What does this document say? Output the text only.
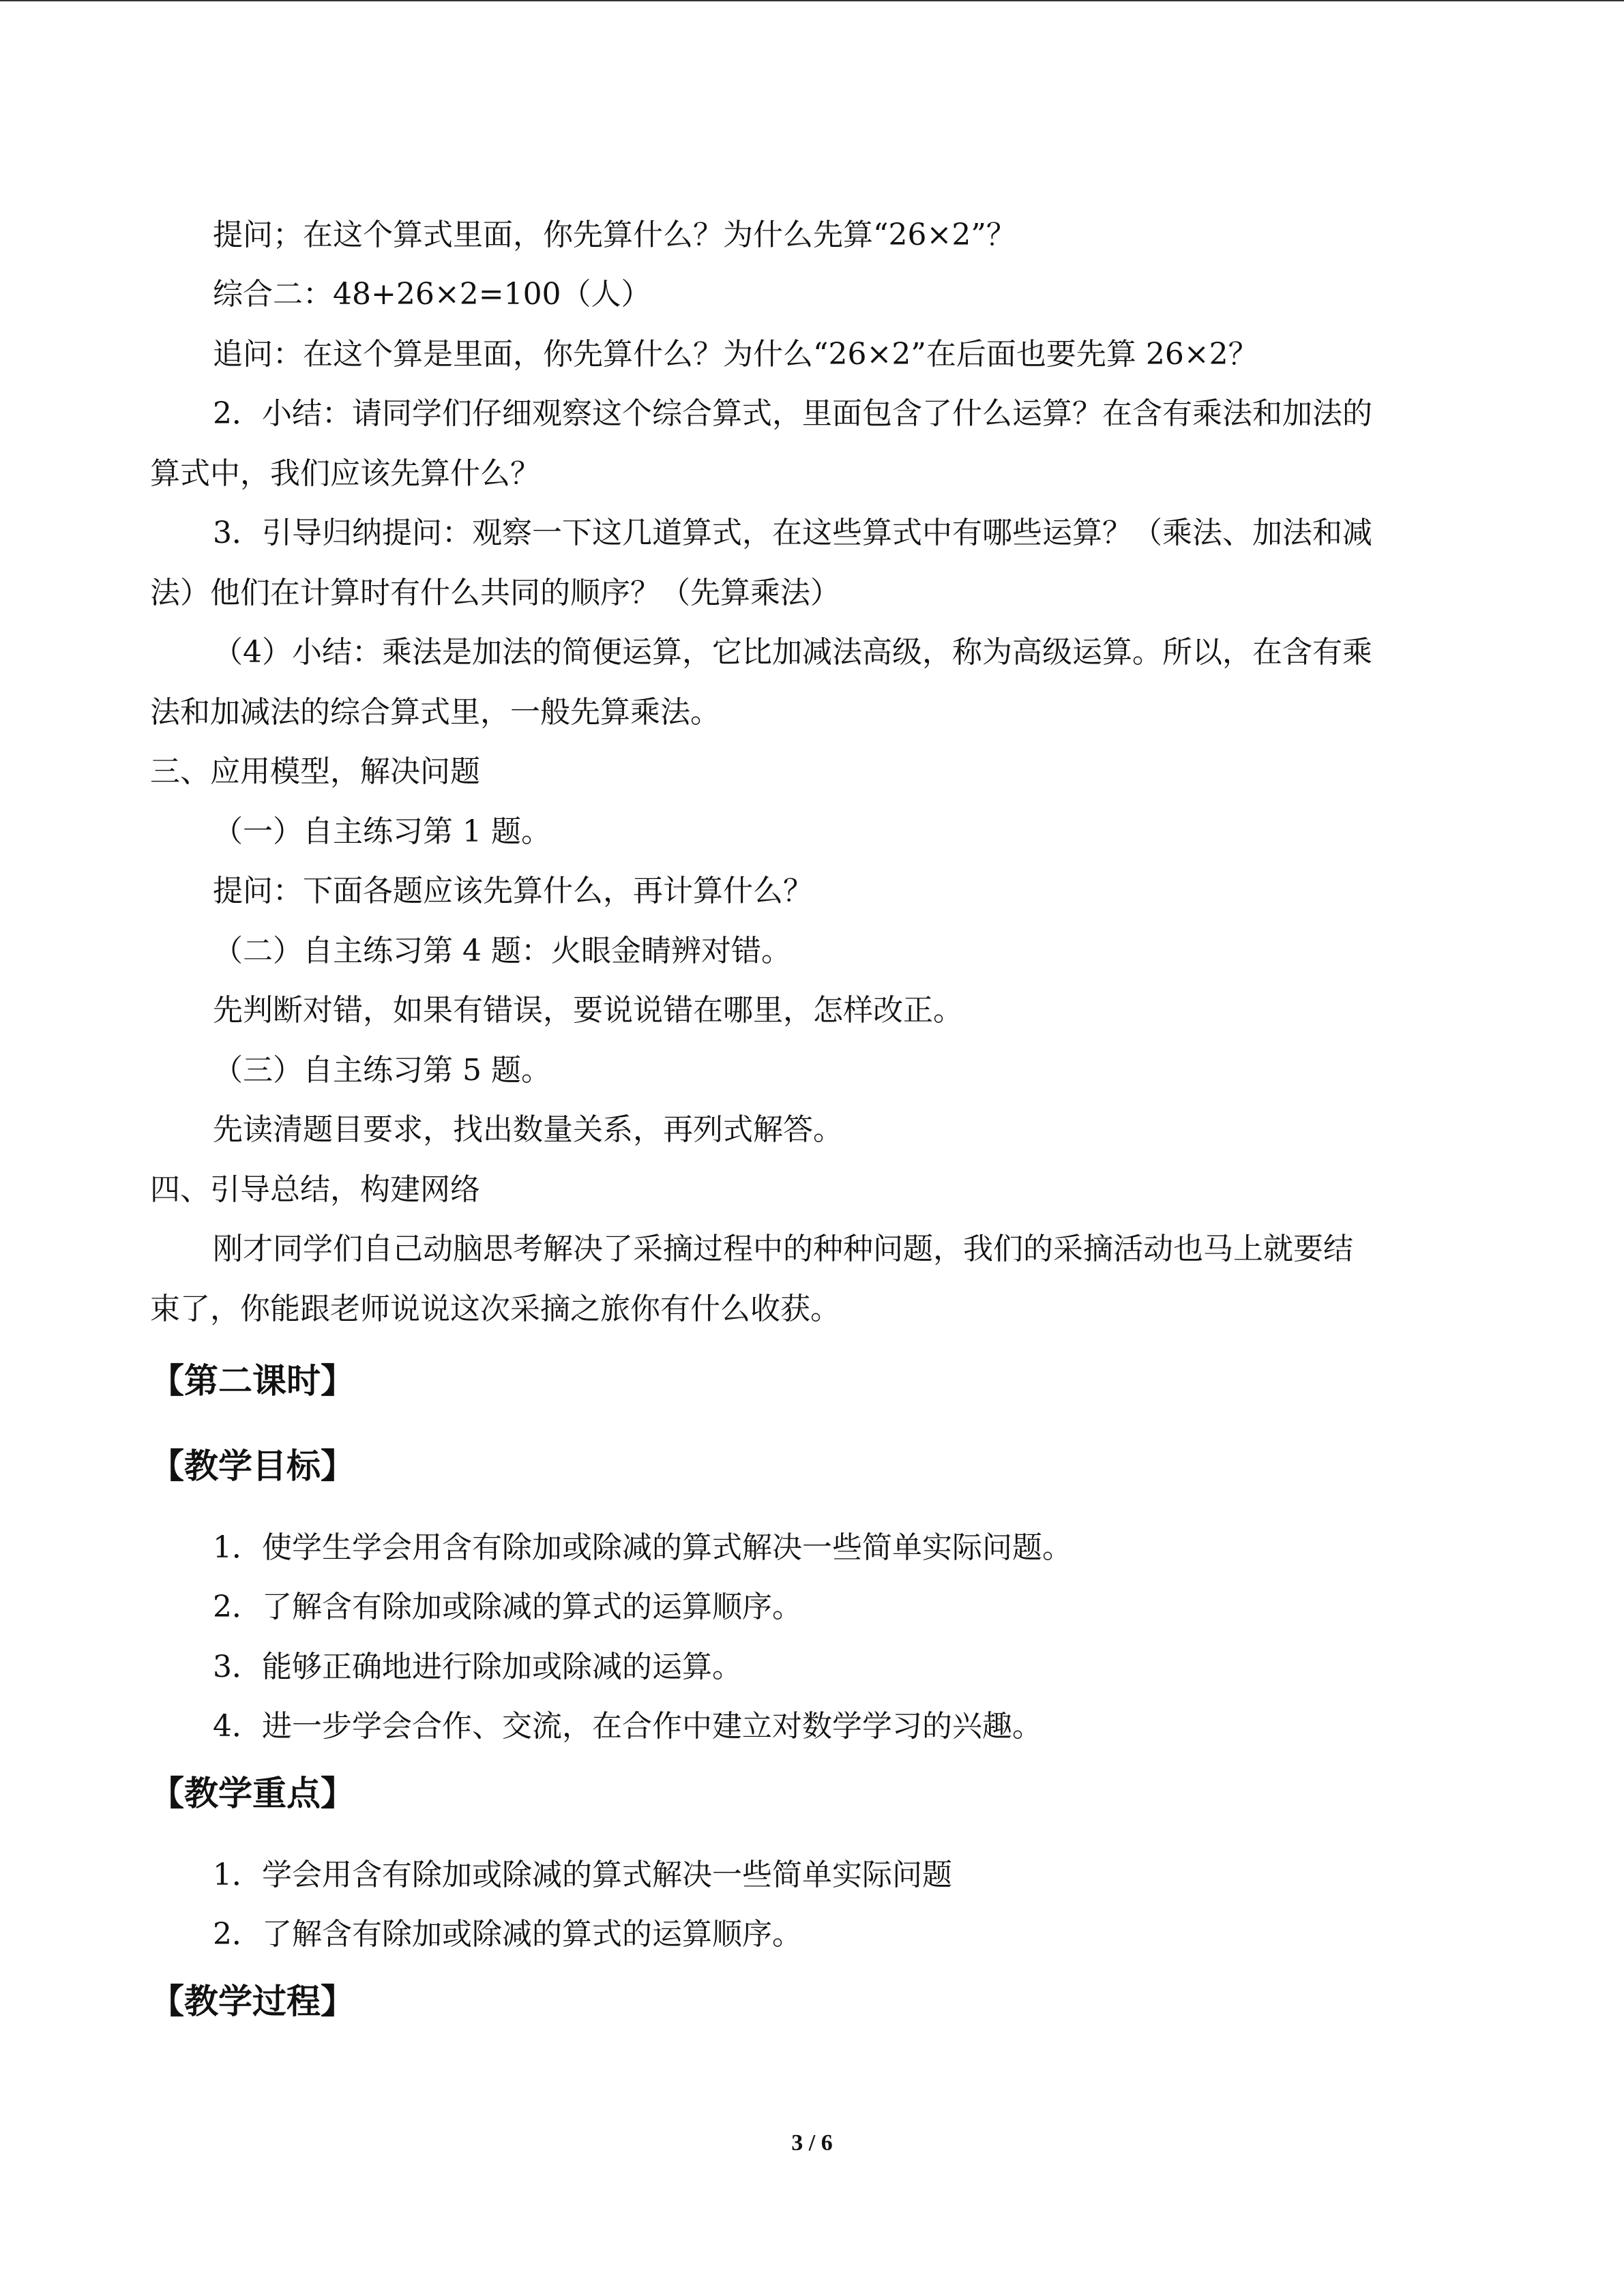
提问；在这个算式里面，你先算什么？为什么先算“26×2”？
综合二：48+26×2=100（人）
追问：在这个算是里面，你先算什么？为什么“26×2”在后面也要先算 26×2？
2．小结：请同学们仔细观察这个综合算式，里面包含了什么运算？在含有乘法和加法的
算式中，我们应该先算什么？
3．引导归纳提问：观察一下这几道算式，在这些算式中有哪些运算？（乘法、加法和减
法）他们在计算时有什么共同的顺序？（先算乘法）
（4）小结：乘法是加法的简便运算，它比加减法高级，称为高级运算。所以，在含有乘
法和加减法的综合算式里，一般先算乘法。
三、应用模型，解决问题
（一）自主练习第 1 题。
提问：下面各题应该先算什么，再计算什么？
（二）自主练习第 4 题：火眼金睛辨对错。
先判断对错，如果有错误，要说说错在哪里，怎样改正。
（三）自主练习第 5 题。
先读清题目要求，找出数量关系，再列式解答。
四、引导总结，构建网络
刚才同学们自己动脑思考解决了采摘过程中的种种问题，我们的采摘活动也马上就要结
束了，你能跟老师说说这次采摘之旅你有什么收获。
【第二课时】
【教学目标】
1．使学生学会用含有除加或除减的算式解决一些简单实际问题。
2．了解含有除加或除减的算式的运算顺序。
3．能够正确地进行除加或除减的运算。
4．进一步学会合作、交流，在合作中建立对数学学习的兴趣。
【教学重点】
1．学会用含有除加或除减的算式解决一些简单实际问题
2．了解含有除加或除减的算式的运算顺序。
【教学过程】
3 / 6
